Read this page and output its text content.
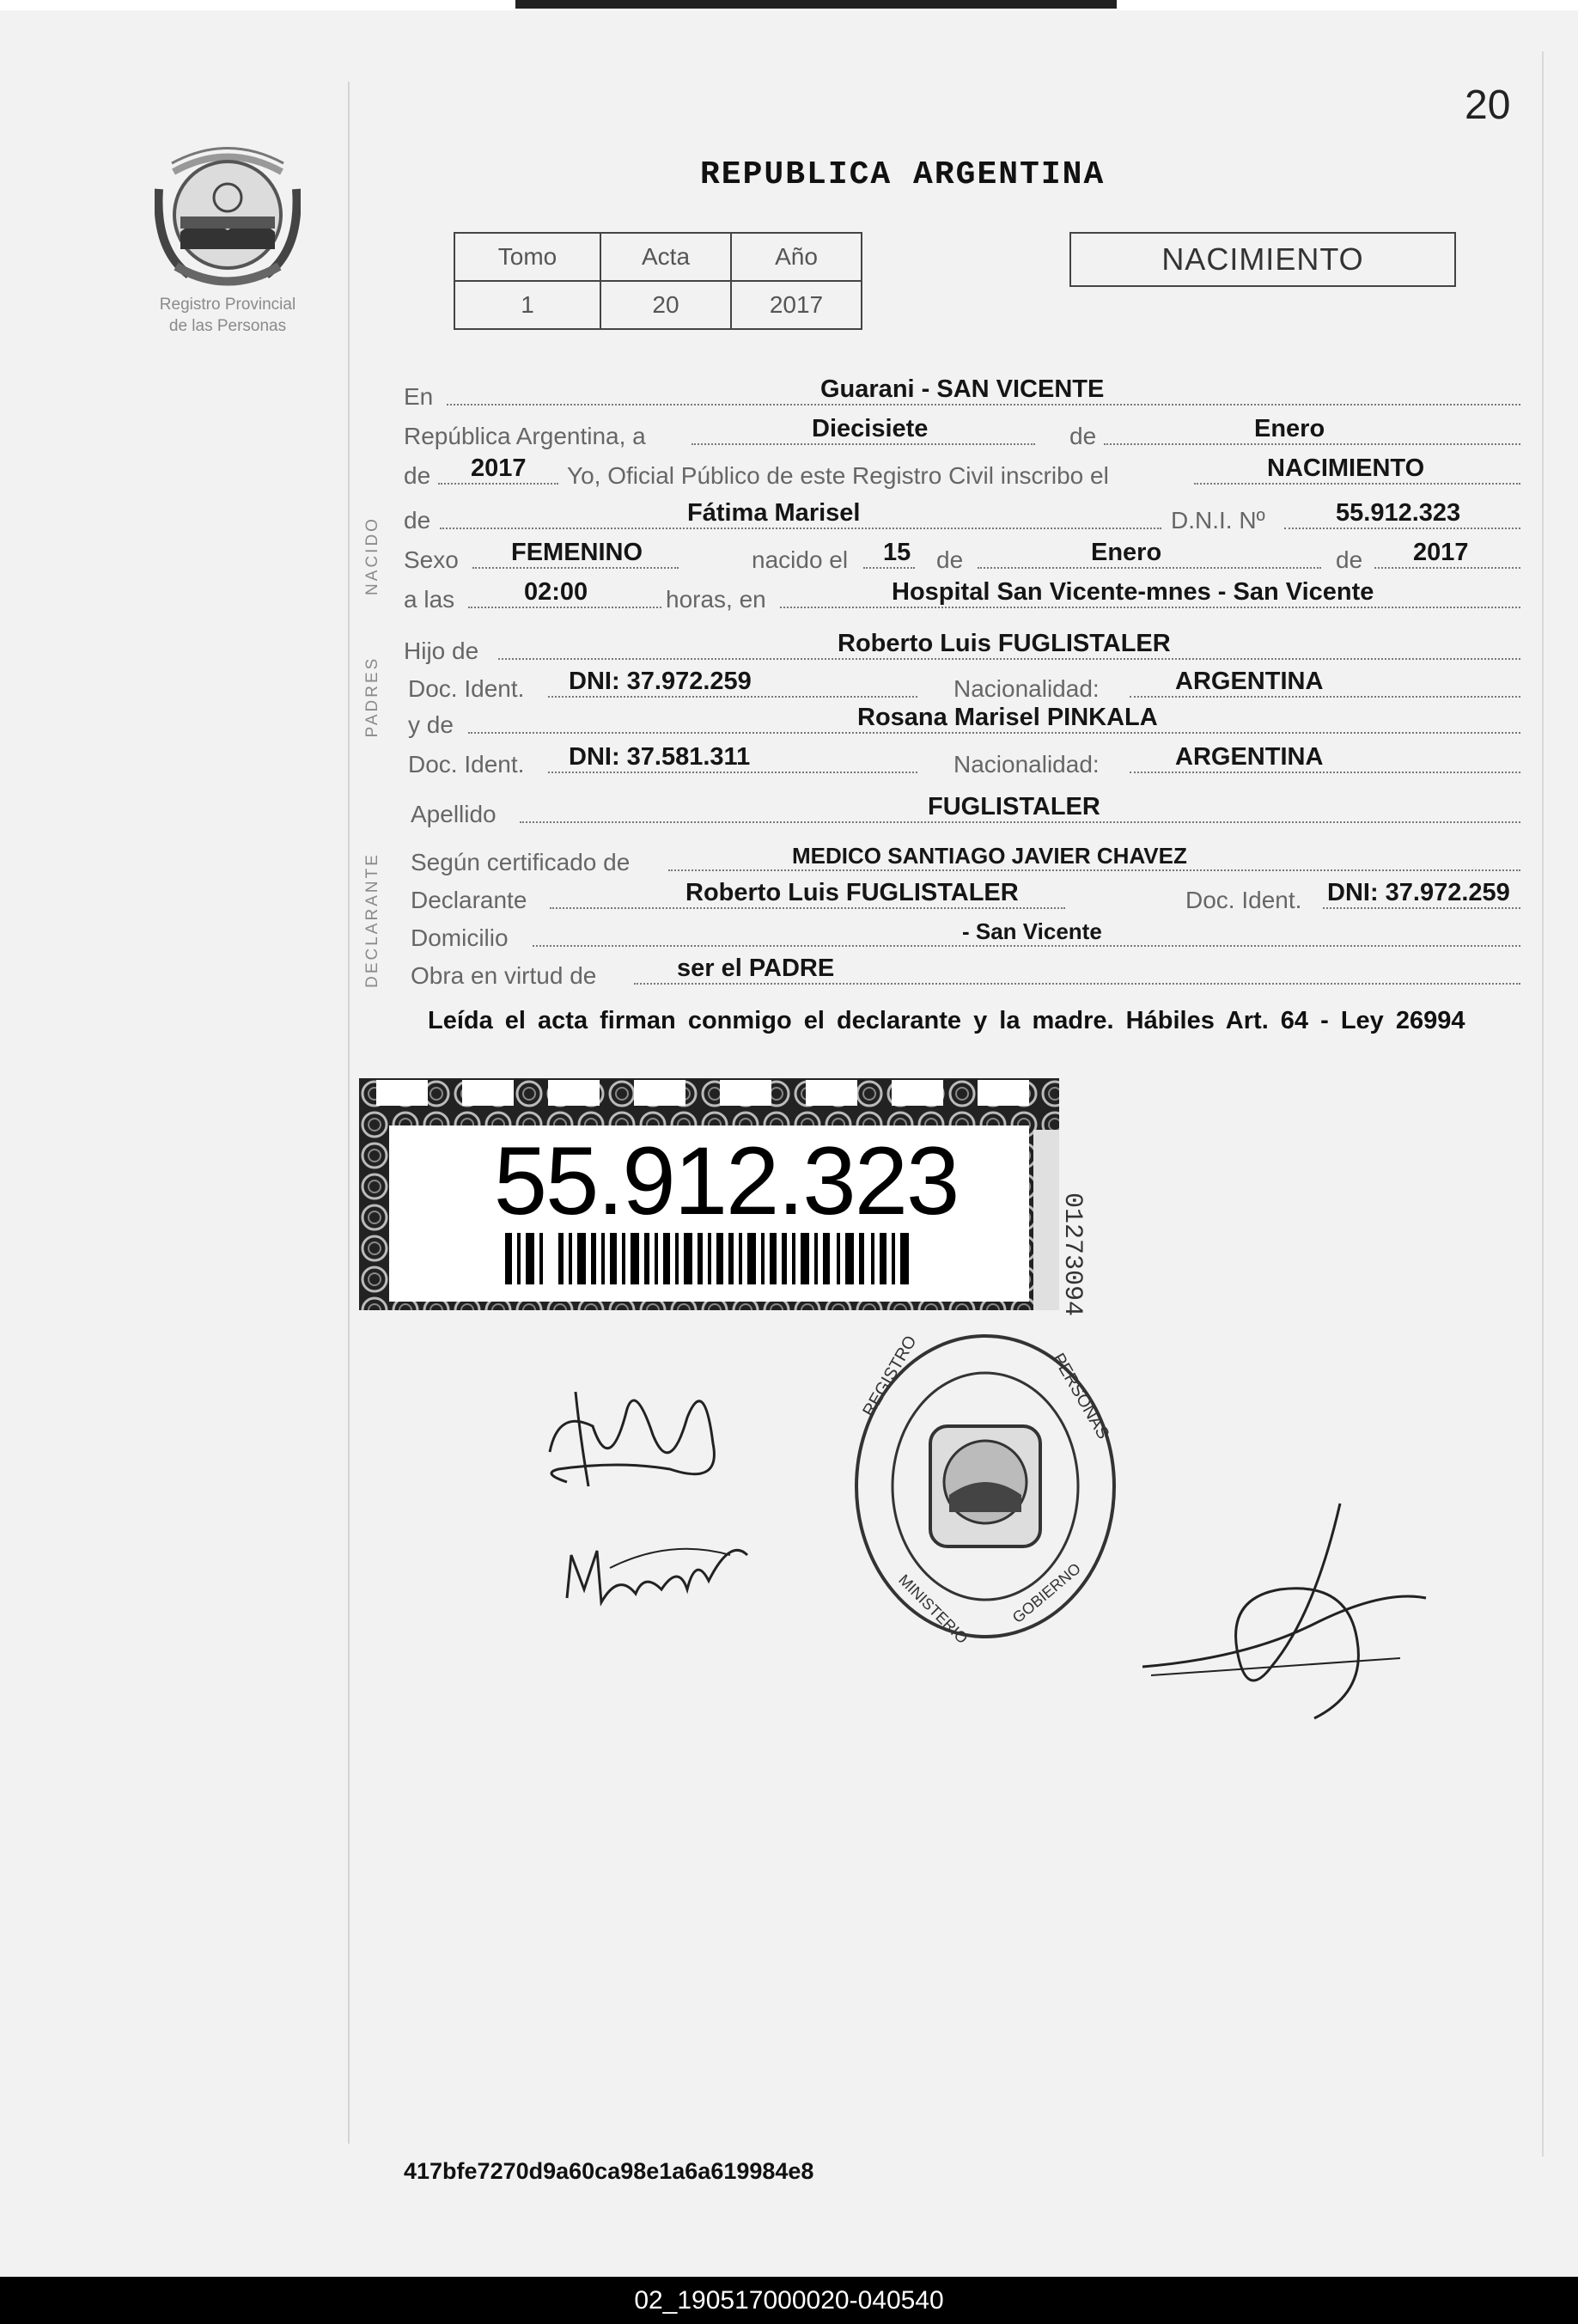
20
Registro Provincial
de las Personas
REPUBLICA ARGENTINA
Tomo	Acta	Año
1	20	2017
NACIMIENTO
NACIDO
PADRES
DECLARANTE
En	Guarani - SAN VICENTE
República Argentina, a	Diecisiete	de	Enero
de 2017 Yo, Oficial Público de este Registro Civil inscribo el	NACIMIENTO
de	Fátima Marisel	D.N.I. Nº	55.912.323
Sexo FEMENINO	nacido el 15 de	Enero	de 2017
a las	02:00	horas, en	Hospital San Vicente-mnes - San Vicente
Hijo de	Roberto Luis FUGLISTALER
Doc. Ident. DNI: 37.972.259	Nacionalidad:	ARGENTINA
y de	Rosana Marisel PINKALA
Doc. Ident. DNI: 37.581.311	Nacionalidad:	ARGENTINA
Apellido	FUGLISTALER
Según certificado de	MEDICO SANTIAGO JAVIER CHAVEZ
Declarante	Roberto Luis FUGLISTALER	Doc. Ident. DNI: 37.972.259
Domicilio	- San Vicente
Obra en virtud de	ser el PADRE
Leída el acta firman conmigo el declarante y la madre. Hábiles Art. 64 - Ley 26994
55.912.323
01273094
REGISTRO	PERSONAS
MINISTERIO GOBIERNO
417bfe7270d9a60ca98e1a6a619984e8
02_190517000020-040540
